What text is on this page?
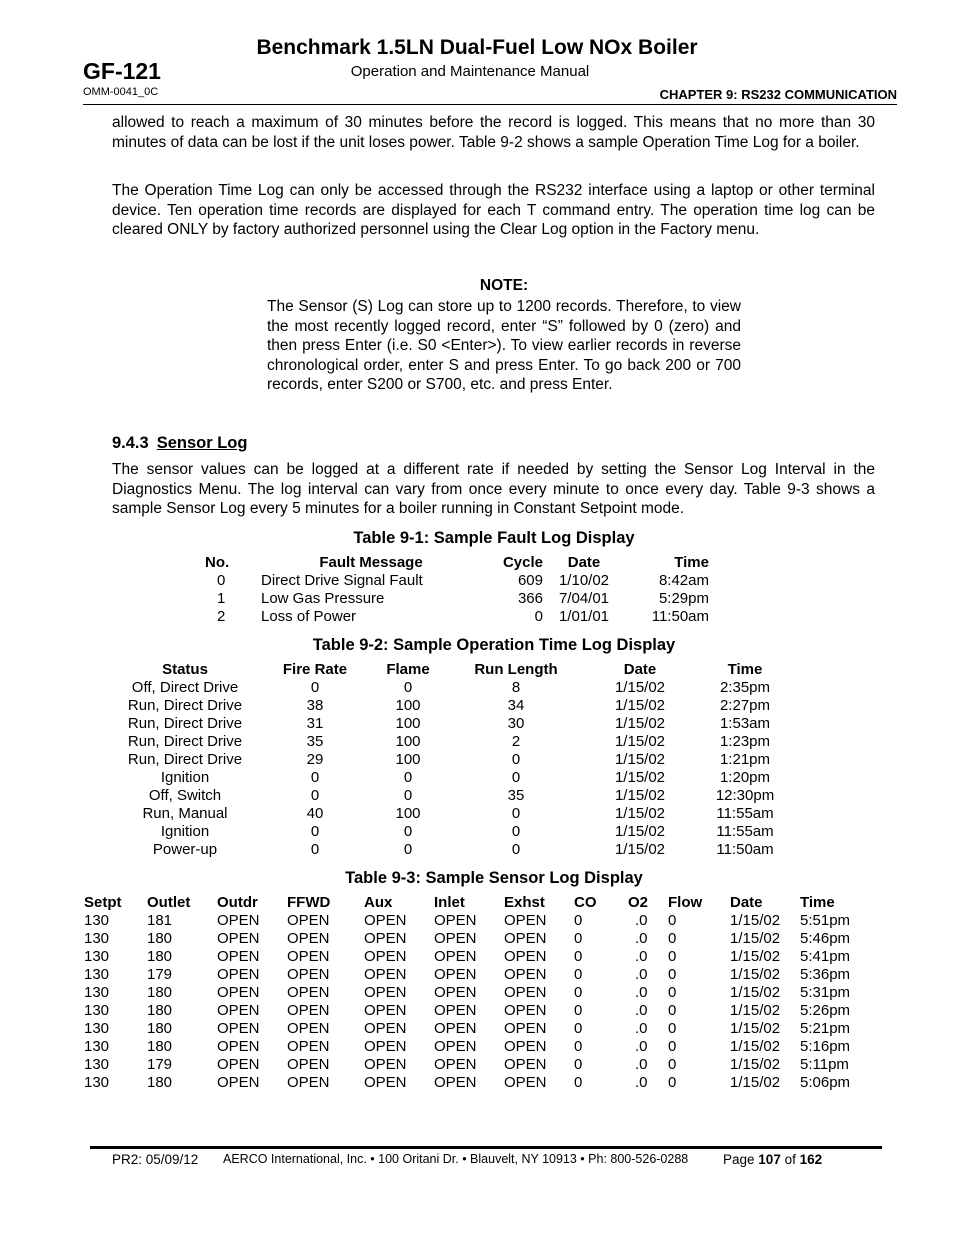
Benchmark 1.5LN Dual-Fuel Low NOx Boiler
GF-121	Operation and Maintenance Manual
OMM-0041_0C	CHAPTER 9: RS232 COMMUNICATION

allowed to reach a maximum of 30 minutes before the record is logged. This means that no more than 30 minutes of data can be lost if the unit loses power. Table 9-2 shows a sample Operation Time Log for a boiler.

The Operation Time Log can only be accessed through the RS232 interface using a laptop or other terminal device. Ten operation time records are displayed for each T command entry. The operation time log can be cleared ONLY by factory authorized personnel using the Clear Log option in the Factory menu.

NOTE:

The Sensor (S) Log can store up to 1200 records. Therefore, to view the most recently logged record, enter “S” followed by 0 (zero) and then press Enter (i.e. S0 <Enter>). To view earlier records in reverse chronological order, enter S and press Enter. To go back 200 or 700 records, enter S200 or S700, etc. and press Enter.

9.4.3 Sensor Log

The sensor values can be logged at a different rate if needed by setting the Sensor Log Interval in the Diagnostics Menu. The log interval can vary from once every minute to once every day. Table 9-3 shows a sample Sensor Log every 5 minutes for a boiler running in Constant Setpoint mode.

Table 9-1: Sample Fault Log Display
No.	Fault Message	Cycle	Date	Time
0	Direct Drive Signal Fault	609	1/10/02	8:42am
1	Low Gas Pressure	366	7/04/01	5:29pm
2	Loss of Power	0	1/01/01	11:50am
Table 9-2: Sample Operation Time Log Display
Status	Fire Rate	Flame	Run Length	Date	Time
Off, Direct Drive	0	0	8	1/15/02	2:35pm
Run, Direct Drive	38	100	34	1/15/02	2:27pm
Run, Direct Drive	31	100	30	1/15/02	1:53am
Run, Direct Drive	35	100	2	1/15/02	1:23pm
Run, Direct Drive	29	100	0	1/15/02	1:21pm
Ignition	0	0	0	1/15/02	1:20pm
Off, Switch	0	0	35	1/15/02	12:30pm
Run, Manual	40	100	0	1/15/02	11:55am
Ignition	0	0	0	1/15/02	11:55am
Power-up	0	0	0	1/15/02	11:50am
Table 9-3: Sample Sensor Log Display
Setpt	Outlet	Outdr	FFWD	Aux	Inlet	Exhst	CO	O2	Flow	Date	Time
130	181	OPEN	OPEN	OPEN	OPEN	OPEN	0	.0	0	1/15/02	5:51pm
130	180	OPEN	OPEN	OPEN	OPEN	OPEN	0	.0	0	1/15/02	5:46pm
130	180	OPEN	OPEN	OPEN	OPEN	OPEN	0	.0	0	1/15/02	5:41pm
130	179	OPEN	OPEN	OPEN	OPEN	OPEN	0	.0	0	1/15/02	5:36pm
130	180	OPEN	OPEN	OPEN	OPEN	OPEN	0	.0	0	1/15/02	5:31pm
130	180	OPEN	OPEN	OPEN	OPEN	OPEN	0	.0	0	1/15/02	5:26pm
130	180	OPEN	OPEN	OPEN	OPEN	OPEN	0	.0	0	1/15/02	5:21pm
130	180	OPEN	OPEN	OPEN	OPEN	OPEN	0	.0	0	1/15/02	5:16pm
130	179	OPEN	OPEN	OPEN	OPEN	OPEN	0	.0	0	1/15/02	5:11pm
130	180	OPEN	OPEN	OPEN	OPEN	OPEN	0	.0	0	1/15/02	5:06pm
PR2: 05/09/12 AERCO International, Inc. • 100 Oritani Dr. • Blauvelt, NY 10913 • Ph: 800-526-0288	Page 107 of 162
